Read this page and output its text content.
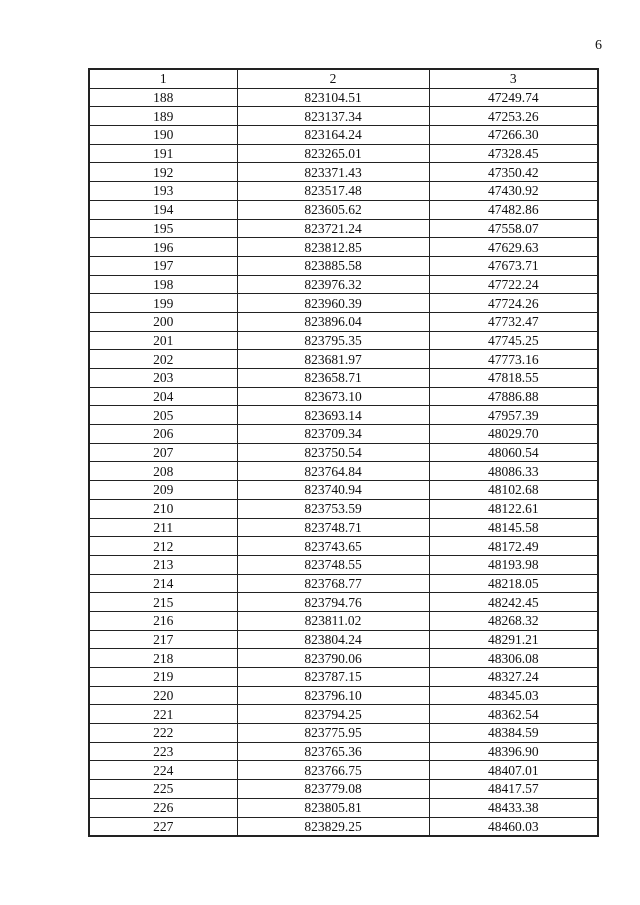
6
1	2	3
188	823104.51	47249.74
189	823137.34	47253.26
190	823164.24	47266.30
191	823265.01	47328.45
192	823371.43	47350.42
193	823517.48	47430.92
194	823605.62	47482.86
195	823721.24	47558.07
196	823812.85	47629.63
197	823885.58	47673.71
198	823976.32	47722.24
199	823960.39	47724.26
200	823896.04	47732.47
201	823795.35	47745.25
202	823681.97	47773.16
203	823658.71	47818.55
204	823673.10	47886.88
205	823693.14	47957.39
206	823709.34	48029.70
207	823750.54	48060.54
208	823764.84	48086.33
209	823740.94	48102.68
210	823753.59	48122.61
211	823748.71	48145.58
212	823743.65	48172.49
213	823748.55	48193.98
214	823768.77	48218.05
215	823794.76	48242.45
216	823811.02	48268.32
217	823804.24	48291.21
218	823790.06	48306.08
219	823787.15	48327.24
220	823796.10	48345.03
221	823794.25	48362.54
222	823775.95	48384.59
223	823765.36	48396.90
224	823766.75	48407.01
225	823779.08	48417.57
226	823805.81	48433.38
227	823829.25	48460.03
